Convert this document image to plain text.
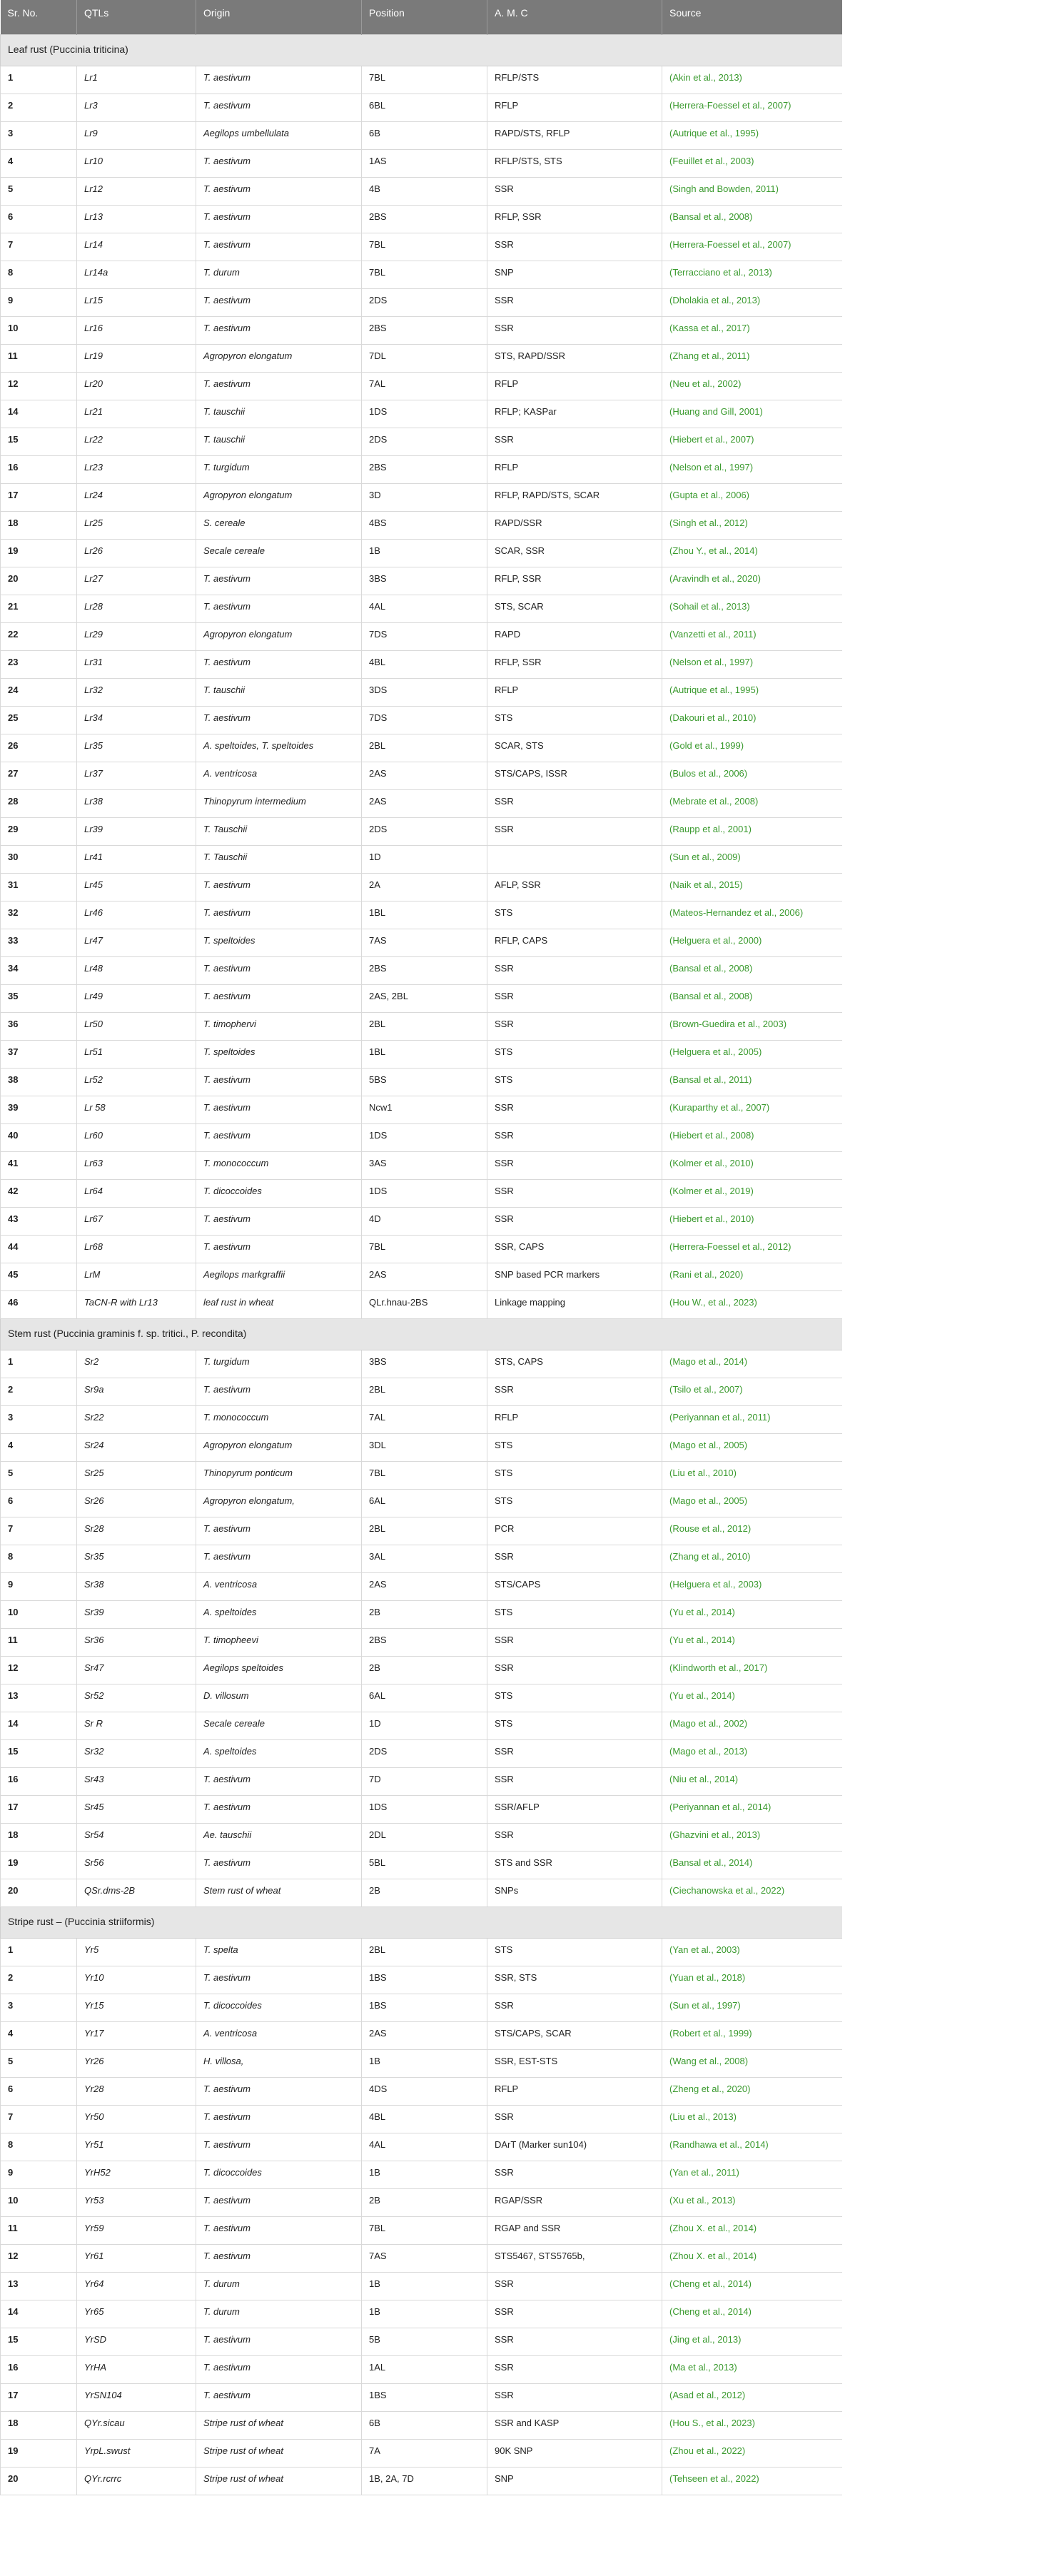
Sr. No.	QTLs	Origin	Position	A. M. C	Source
Leaf rust (Puccinia triticina)					
1	Lr1	T. aestivum	7BL	RFLP/STS	(Akin et al., 2013)
2	Lr3	T. aestivum	6BL	RFLP	(Herrera-Foessel et al., 2007)
3	Lr9	Aegilops umbellulata	6B	RAPD/STS, RFLP	(Autrique et al., 1995)
4	Lr10	T. aestivum	1AS	RFLP/STS, STS	(Feuillet et al., 2003)
5	Lr12	T. aestivum	4B	SSR	(Singh and Bowden, 2011)
6	Lr13	T. aestivum	2BS	RFLP, SSR	(Bansal et al., 2008)
7	Lr14	T. aestivum	7BL	SSR	(Herrera-Foessel et al., 2007)
8	Lr14a	T. durum	7BL	SNP	(Terracciano et al., 2013)
9	Lr15	T. aestivum	2DS	SSR	(Dholakia et al., 2013)
10	Lr16	T. aestivum	2BS	SSR	(Kassa et al., 2017)
11	Lr19	Agropyron elongatum	7DL	STS, RAPD/SSR	(Zhang et al., 2011)
12	Lr20	T. aestivum	7AL	RFLP	(Neu et al., 2002)
14	Lr21	T. tauschii	1DS	RFLP; KASPar	(Huang and Gill, 2001)
15	Lr22	T. tauschii	2DS	SSR	(Hiebert et al., 2007)
16	Lr23	T. turgidum	2BS	RFLP	(Nelson et al., 1997)
17	Lr24	Agropyron elongatum	3D	RFLP, RAPD/STS, SCAR	(Gupta et al., 2006)
18	Lr25	S. cereale	4BS	RAPD/SSR	(Singh et al., 2012)
19	Lr26	Secale cereale	1B	SCAR, SSR	(Zhou Y., et al., 2014)
20	Lr27	T. aestivum	3BS	RFLP, SSR	(Aravindh et al., 2020)
21	Lr28	T. aestivum	4AL	STS, SCAR	(Sohail et al., 2013)
22	Lr29	Agropyron elongatum	7DS	RAPD	(Vanzetti et al., 2011)
23	Lr31	T. aestivum	4BL	RFLP, SSR	(Nelson et al., 1997)
24	Lr32	T. tauschii	3DS	RFLP	(Autrique et al., 1995)
25	Lr34	T. aestivum	7DS	STS	(Dakouri et al., 2010)
26	Lr35	A. speltoides, T. speltoides	2BL	SCAR, STS	(Gold et al., 1999)
27	Lr37	A. ventricosa	2AS	STS/CAPS, ISSR	(Bulos et al., 2006)
28	Lr38	Thinopyrum intermedium	2AS	SSR	(Mebrate et al., 2008)
29	Lr39	T. Tauschii	2DS	SSR	(Raupp et al., 2001)
30	Lr41	T. Tauschii	1D		(Sun et al., 2009)
31	Lr45	T. aestivum	2A	AFLP, SSR	(Naik et al., 2015)
32	Lr46	T. aestivum	1BL	STS	(Mateos-Hernandez et al., 2006)
33	Lr47	T. speltoides	7AS	RFLP, CAPS	(Helguera et al., 2000)
34	Lr48	T. aestivum	2BS	SSR	(Bansal et al., 2008)
35	Lr49	T. aestivum	2AS, 2BL	SSR	(Bansal et al., 2008)
36	Lr50	T. timophervi	2BL	SSR	(Brown-Guedira et al., 2003)
37	Lr51	T. speltoides	1BL	STS	(Helguera et al., 2005)
38	Lr52	T. aestivum	5BS	STS	(Bansal et al., 2011)
39	Lr 58	T. aestivum	Ncw1	SSR	(Kuraparthy et al., 2007)
40	Lr60	T. aestivum	1DS	SSR	(Hiebert et al., 2008)
41	Lr63	T. monococcum	3AS	SSR	(Kolmer et al., 2010)
42	Lr64	T. dicoccoides	1DS	SSR	(Kolmer et al., 2019)
43	Lr67	T. aestivum	4D	SSR	(Hiebert et al., 2010)
44	Lr68	T. aestivum	7BL	SSR, CAPS	(Herrera-Foessel et al., 2012)
45	LrM	Aegilops markgraffii	2AS	SNP based PCR markers	(Rani et al., 2020)
46	TaCN-R with Lr13	leaf rust in wheat	QLr.hnau-2BS	Linkage mapping	(Hou W., et al., 2023)
Stem rust (Puccinia graminis f. sp. tritici., P. recondita)					
1	Sr2	T. turgidum	3BS	STS, CAPS	(Mago et al., 2014)
2	Sr9a	T. aestivum	2BL	SSR	(Tsilo et al., 2007)
3	Sr22	T. monococcum	7AL	RFLP	(Periyannan et al., 2011)
4	Sr24	Agropyron elongatum	3DL	STS	(Mago et al., 2005)
5	Sr25	Thinopyrum ponticum	7BL	STS	(Liu et al., 2010)
6	Sr26	Agropyron elongatum,	6AL	STS	(Mago et al., 2005)
7	Sr28	T. aestivum	2BL	PCR	(Rouse et al., 2012)
8	Sr35	T. aestivum	3AL	SSR	(Zhang et al., 2010)
9	Sr38	A. ventricosa	2AS	STS/CAPS	(Helguera et al., 2003)
10	Sr39	A. speltoides	2B	STS	(Yu et al., 2014)
11	Sr36	T. timopheevi	2BS	SSR	(Yu et al., 2014)
12	Sr47	Aegilops speltoides	2B	SSR	(Klindworth et al., 2017)
13	Sr52	D. villosum	6AL	STS	(Yu et al., 2014)
14	Sr R	Secale cereale	1D	STS	(Mago et al., 2002)
15	Sr32	A. speltoides	2DS	SSR	(Mago et al., 2013)
16	Sr43	T. aestivum	7D	SSR	(Niu et al., 2014)
17	Sr45	T. aestivum	1DS	SSR/AFLP	(Periyannan et al., 2014)
18	Sr54	Ae. tauschii	2DL	SSR	(Ghazvini et al., 2013)
19	Sr56	T. aestivum	5BL	STS and SSR	(Bansal et al., 2014)
20	QSr.dms-2B	Stem rust of wheat	2B	SNPs	(Ciechanowska et al., 2022)
Stripe rust – (Puccinia striiformis)					
1	Yr5	T. spelta	2BL	STS	(Yan et al., 2003)
2	Yr10	T. aestivum	1BS	SSR, STS	(Yuan et al., 2018)
3	Yr15	T. dicoccoides	1BS	SSR	(Sun et al., 1997)
4	Yr17	A. ventricosa	2AS	STS/CAPS, SCAR	(Robert et al., 1999)
5	Yr26	H. villosa,	1B	SSR, EST-STS	(Wang et al., 2008)
6	Yr28	T. aestivum	4DS	RFLP	(Zheng et al., 2020)
7	Yr50	T. aestivum	4BL	SSR	(Liu et al., 2013)
8	Yr51	T. aestivum	4AL	DArT (Marker sun104)	(Randhawa et al., 2014)
9	YrH52	T. dicoccoides	1B	SSR	(Yan et al., 2011)
10	Yr53	T. aestivum	2B	RGAP/SSR	(Xu et al., 2013)
11	Yr59	T. aestivum	7BL	RGAP and SSR	(Zhou X. et al., 2014)
12	Yr61	T. aestivum	7AS	STS5467, STS5765b,	(Zhou X. et al., 2014)
13	Yr64	T. durum	1B	SSR	(Cheng et al., 2014)
14	Yr65	T. durum	1B	SSR	(Cheng et al., 2014)
15	YrSD	T. aestivum	5B	SSR	(Jing et al., 2013)
16	YrHA	T. aestivum	1AL	SSR	(Ma et al., 2013)
17	YrSN104	T. aestivum	1BS	SSR	(Asad et al., 2012)
18	QYr.sicau	Stripe rust of wheat	6B	SSR and KASP	(Hou S., et al., 2023)
19	YrpL.swust	Stripe rust of wheat	7A	90K SNP	(Zhou et al., 2022)
20	QYr.rcrrc	Stripe rust of wheat	1B, 2A, 7D	SNP	(Tehseen et al., 2022)
